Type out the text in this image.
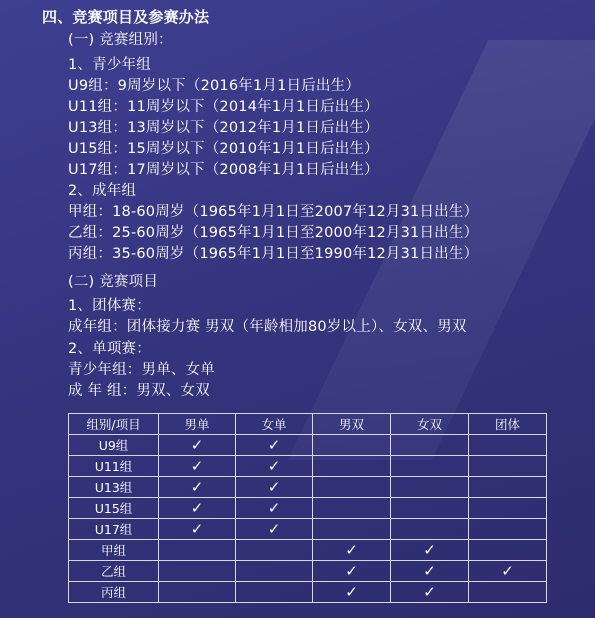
四、竞赛项目及参赛办法
(一) 竞赛组别：
1、青少年组
U9组：9周岁以下（2016年1月1日后出生）
U11组：11周岁以下（2014年1月1日后出生）
U13组：13周岁以下（2012年1月1日后出生）
U15组：15周岁以下（2010年1月1日后出生）
U17组：17周岁以下（2008年1月1日后出生）
2、成年组
甲组：18-60周岁（1965年1月1日至2007年12月31日出生）
乙组：25-60周岁（1965年1月1日至2000年12月31日出生）
丙组：35-60周岁（1965年1月1日至1990年12月31日出生）
(二) 竞赛项目
1、团体赛：
成年组：团体接力赛 男双（年龄相加80岁以上）、女双、男双
2、单项赛：
青少年组：男单、女单
成 年 组：男双、女双
组别/项目	男单	女单	男双	女双	团体
U9组	✓	✓			
U11组	✓	✓			
U13组	✓	✓			
U15组	✓	✓			
U17组	✓	✓			
甲组			✓	✓	
乙组			✓	✓	✓
丙组			✓	✓	
